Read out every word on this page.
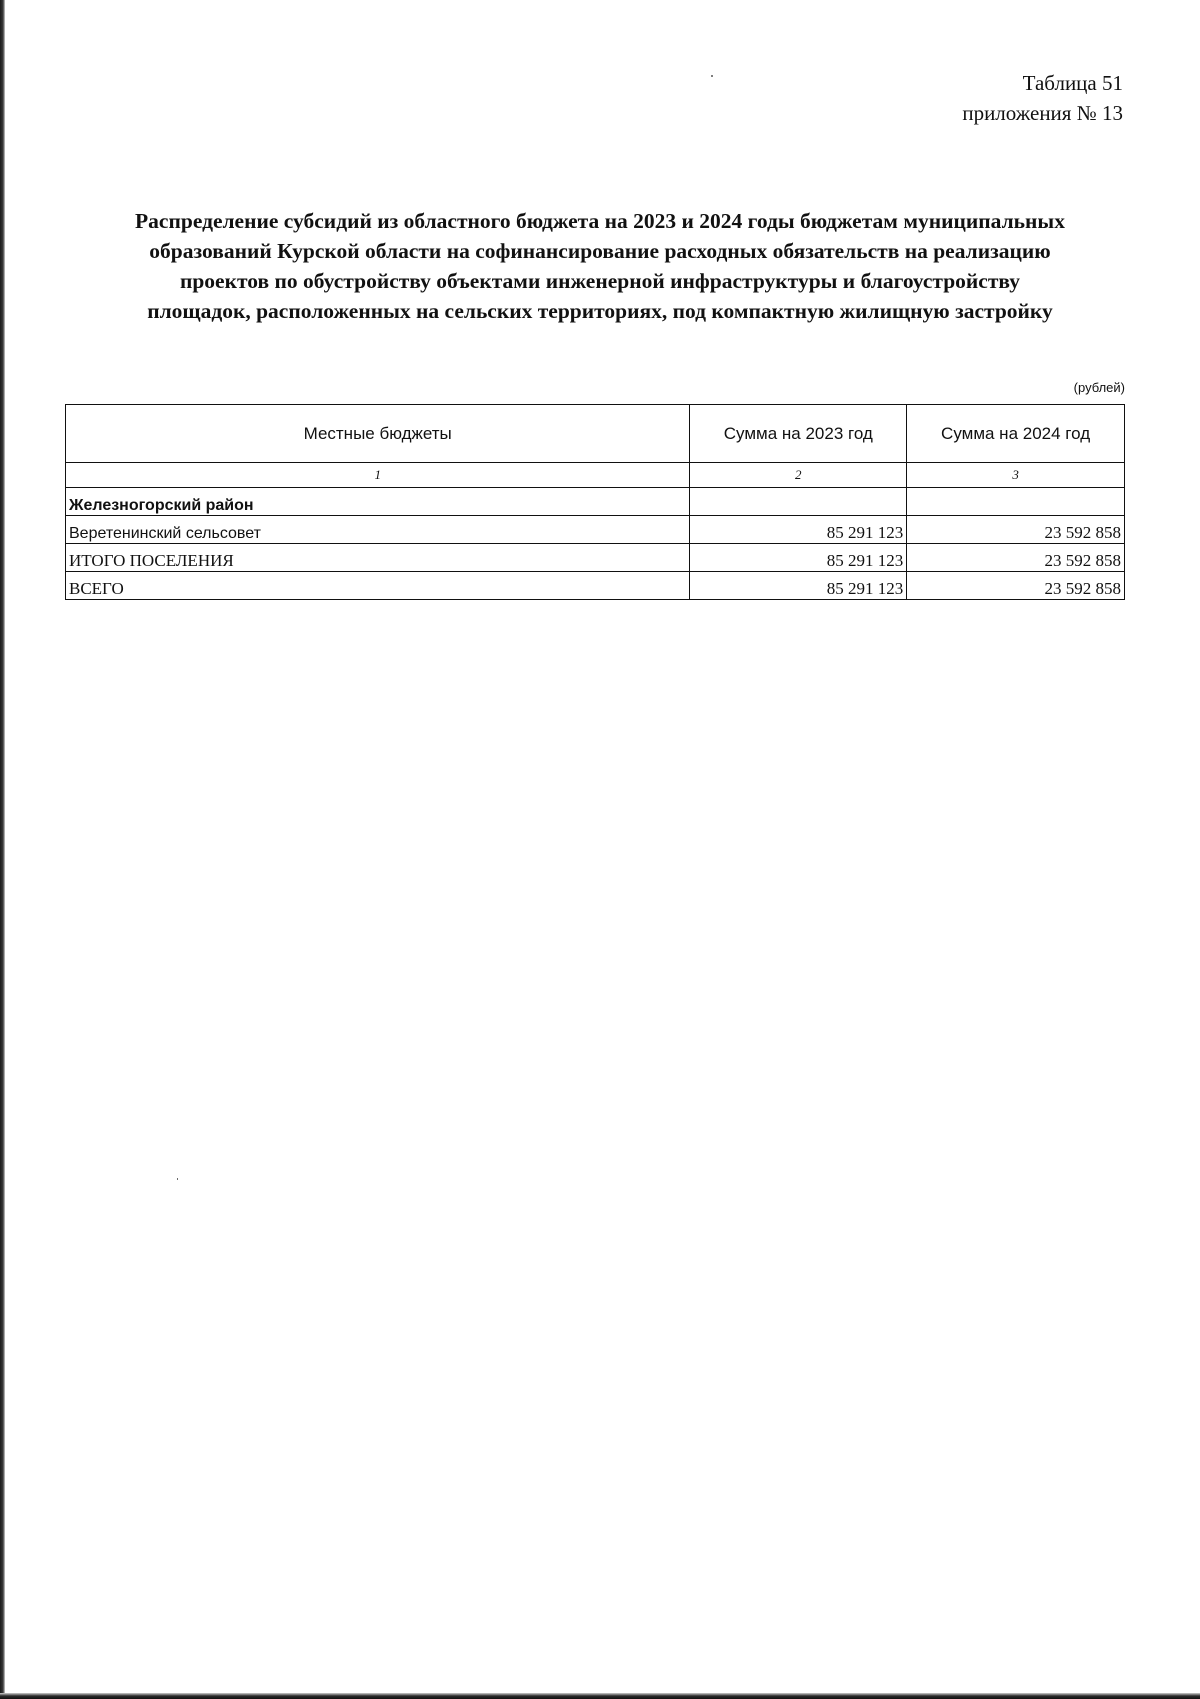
Таблица 51
приложения № 13
Распределение субсидий из областного бюджета на 2023 и 2024 годы бюджетам муниципальных
образований Курской области на софинансирование расходных обязательств на реализацию
проектов по обустройству объектами инженерной инфраструктуры и благоустройству
площадок, расположенных на сельских территориях, под компактную жилищную застройку
(рублей)
Местные бюджеты	Сумма на 2023 год	Сумма на 2024 год
1	2	3
Железногорский район		
Веретенинский сельсовет	85 291 123	23 592 858
ИТОГО ПОСЕЛЕНИЯ	85 291 123	23 592 858
ВСЕГО	85 291 123	23 592 858
